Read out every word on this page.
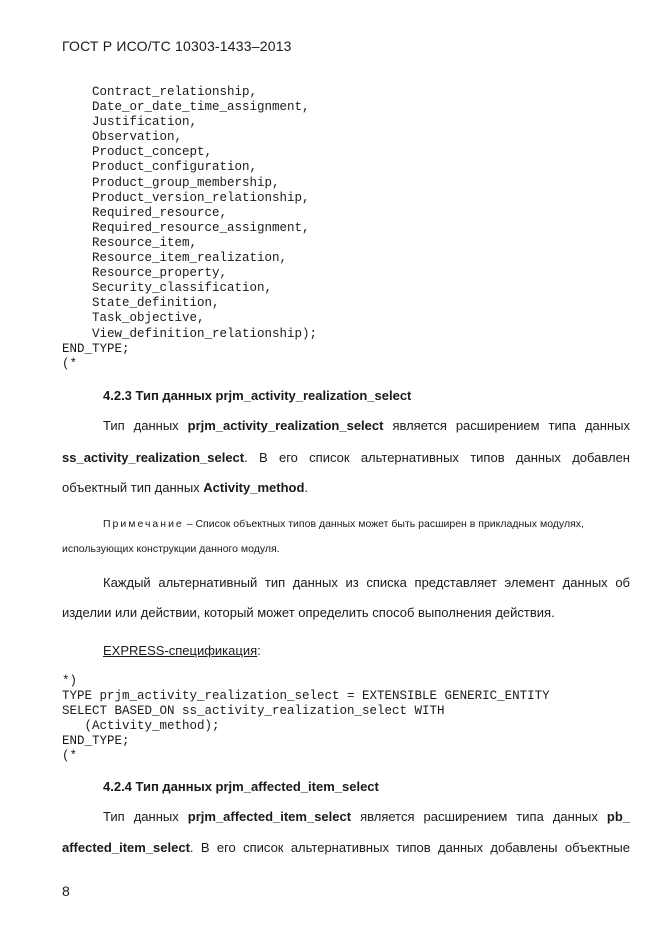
ГОСТ Р ИСО/ТС 10303-1433–2013
Contract_relationship,
Date_or_date_time_assignment,
Justification,
Observation,
Product_concept,
Product_configuration,
Product_group_membership,
Product_version_relationship,
Required_resource,
Required_resource_assignment,
Resource_item,
Resource_item_realization,
Resource_property,
Security_classification,
State_definition,
Task_objective,
View_definition_relationship);
END_TYPE;
(*
4.2.3 Тип данных prjm_activity_realization_select
Тип данных prjm_activity_realization_select является расширением типа данных
ss_activity_realization_select. В его список альтернативных типов данных добавлен
объектный тип данных Activity_method.
Примечание – Список объектных типов данных может быть расширен в прикладных модулях,
использующих конструкции данного модуля.
Каждый альтернативный тип данных из списка представляет элемент данных об
изделии или действии, который может определить способ выполнения действия.
EXPRESS-спецификация:
*)
TYPE prjm_activity_realization_select = EXTENSIBLE GENERIC_ENTITY
SELECT BASED_ON ss_activity_realization_select WITH
(Activity_method);
END_TYPE;
(*
4.2.4 Тип данных prjm_affected_item_select
Тип данных prjm_affected_item_select является расширением типа данных pb_
affected_item_select. В его список альтернативных типов данных добавлены объектные
8
